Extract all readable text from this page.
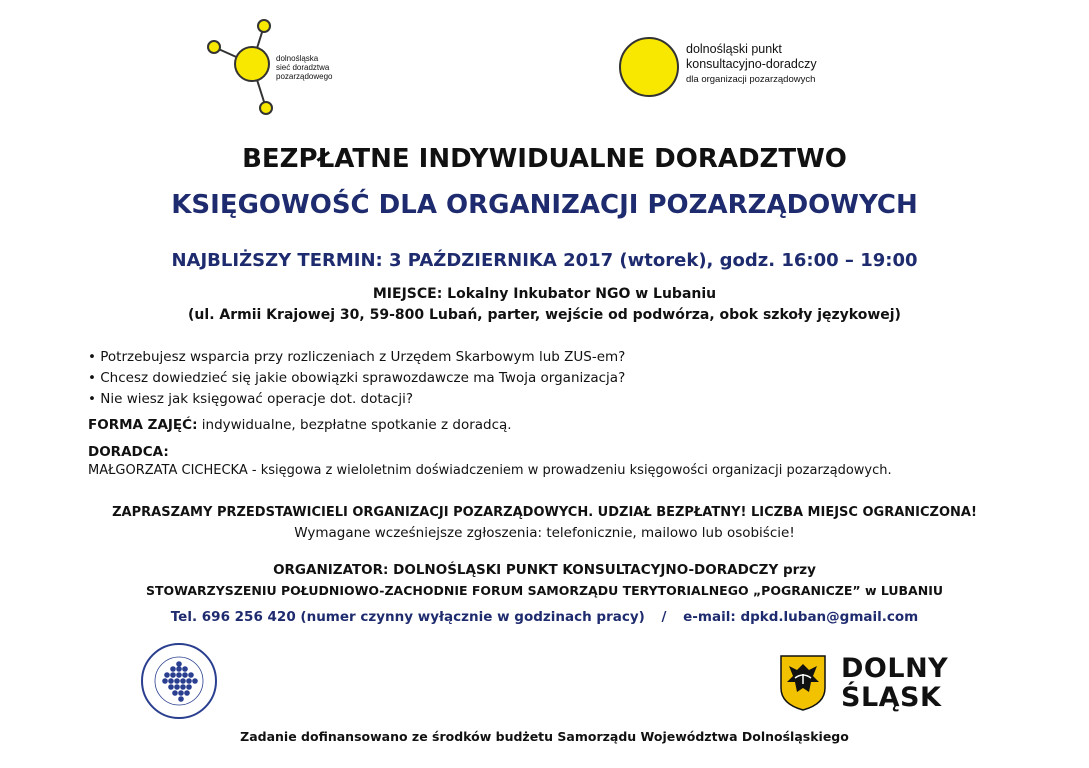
dolnośląska
sieć doradztwa
pozarządowego
dolnośląski punkt
konsultacyjno-doradczy
dla organizacji pozarządowych
BEZPŁATNE INDYWIDUALNE DORADZTWO
KSIĘGOWOŚĆ DLA ORGANIZACJI POZARZĄDOWYCH
NAJBLIŻSZY TERMIN: 3 PAŹDZIERNIKA 2017 (wtorek), godz. 16:00 – 19:00
MIEJSCE: Lokalny Inkubator NGO w Lubaniu
(ul. Armii Krajowej 30, 59-800 Lubań, parter, wejście od podwórza, obok szkoły językowej)
• Potrzebujesz wsparcia przy rozliczeniach z Urzędem Skarbowym lub ZUS-em?
• Chcesz dowiedzieć się jakie obowiązki sprawozdawcze ma Twoja organizacja?
• Nie wiesz jak księgować operacje dot. dotacji?
FORMA ZAJĘĆ: indywidualne, bezpłatne spotkanie z doradcą.
DORADCA:
MAŁGORZATA CICHECKA - księgowa z wieloletnim doświadczeniem w prowadzeniu księgowości organizacji pozarządowych.
ZAPRASZAMY PRZEDSTAWICIELI ORGANIZACJI POZARZĄDOWYCH. UDZIAŁ BEZPŁATNY! LICZBA MIEJSC OGRANICZONA!
Wymagane wcześniejsze zgłoszenia: telefonicznie, mailowo lub osobiście!
ORGANIZATOR: DOLNOŚLĄSKI PUNKT KONSULTACYJNO-DORADCZY przy
STOWARZYSZENIU POŁUDNIOWO-ZACHODNIE FORUM SAMORZĄDU TERYTORIALNEGO „POGRANICZE” w LUBANIU
Tel. 696 256 420 (numer czynny wyłącznie w godzinach pracy) / e-mail: dpkd.luban@gmail.com
DOLNY
ŚLĄSK
Zadanie dofinansowano ze środków budżetu Samorządu Województwa Dolnośląskiego
